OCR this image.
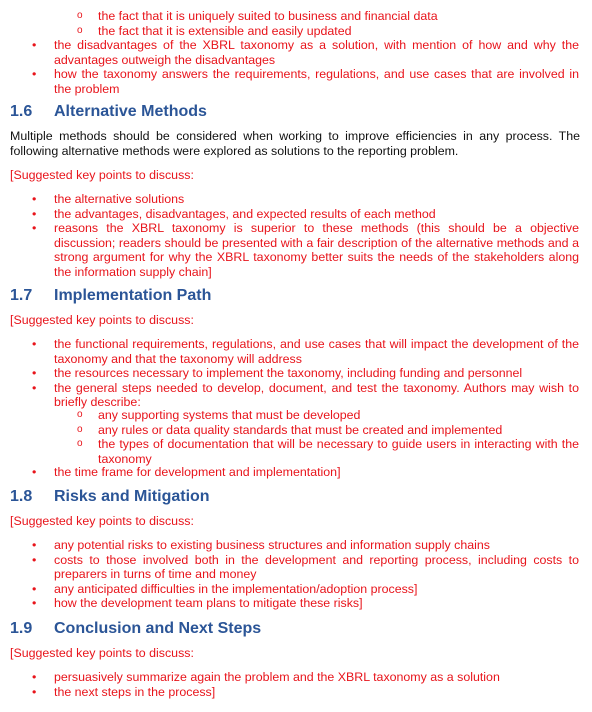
o the fact that it is uniquely suited to business and financial data
o the fact that it is extensible and easily updated
• the disadvantages of the XBRL taxonomy as a solution, with mention of how and why the advantages outweigh the disadvantages
• how the taxonomy answers the requirements, regulations, and use cases that are involved in the problem
1.6 Alternative Methods
Multiple methods should be considered when working to improve efficiencies in any process. The following alternative methods were explored as solutions to the reporting problem.
[Suggested key points to discuss:
• the alternative solutions
• the advantages, disadvantages, and expected results of each method
• reasons the XBRL taxonomy is superior to these methods (this should be a objective discussion; readers should be presented with a fair description of the alternative methods and a strong argument for why the XBRL taxonomy better suits the needs of the stakeholders along the information supply chain]
1.7 Implementation Path
[Suggested key points to discuss:
• the functional requirements, regulations, and use cases that will impact the development of the taxonomy and that the taxonomy will address
• the resources necessary to implement the taxonomy, including funding and personnel
• the general steps needed to develop, document, and test the taxonomy. Authors may wish to briefly describe:
o any supporting systems that must be developed
o any rules or data quality standards that must be created and implemented
o the types of documentation that will be necessary to guide users in interacting with the taxonomy
• the time frame for development and implementation]
1.8 Risks and Mitigation
[Suggested key points to discuss:
• any potential risks to existing business structures and information supply chains
• costs to those involved both in the development and reporting process, including costs to preparers in turns of time and money
• any anticipated difficulties in the implementation/adoption process]
• how the development team plans to mitigate these risks]
1.9 Conclusion and Next Steps
[Suggested key points to discuss:
• persuasively summarize again the problem and the XBRL taxonomy as a solution
• the next steps in the process]
